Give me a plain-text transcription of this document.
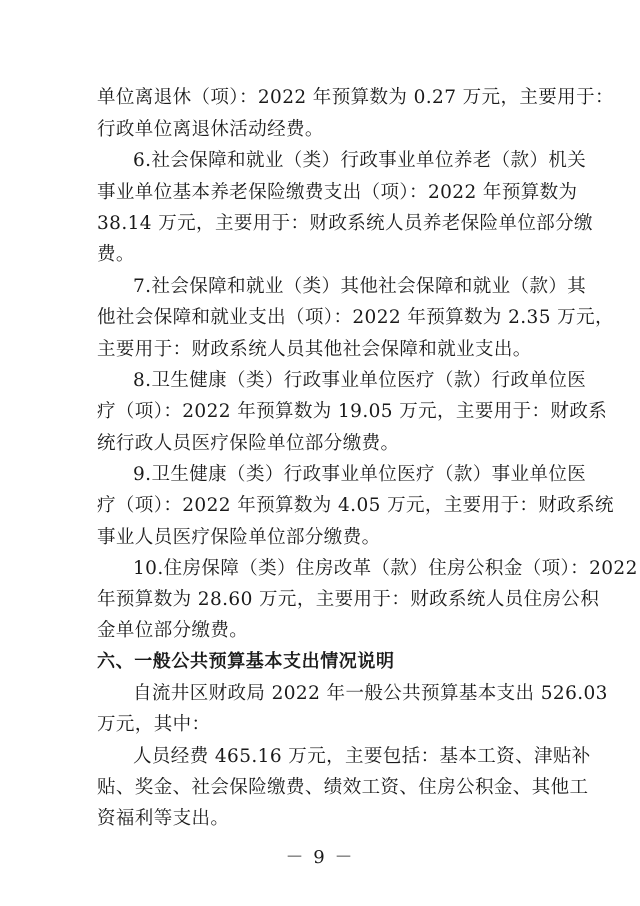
单位离退休（项）：2022 年预算数为 0.27 万元，主要用于：
行政单位离退休活动经费。
6.社会保障和就业（类）行政事业单位养老（款）机关
事业单位基本养老保险缴费支出（项）：2022 年预算数为
38.14 万元，主要用于：财政系统人员养老保险单位部分缴
费。
7.社会保障和就业（类）其他社会保障和就业（款）其
他社会保障和就业支出（项）：2022 年预算数为 2.35 万元，
主要用于：财政系统人员其他社会保障和就业支出。
8.卫生健康（类）行政事业单位医疗（款）行政单位医
疗（项）：2022 年预算数为 19.05 万元，主要用于：财政系
统行政人员医疗保险单位部分缴费。
9.卫生健康（类）行政事业单位医疗（款）事业单位医
疗（项）：2022 年预算数为 4.05 万元，主要用于：财政系统
事业人员医疗保险单位部分缴费。
10.住房保障（类）住房改革（款）住房公积金（项）：2022
年预算数为 28.60 万元，主要用于：财政系统人员住房公积
金单位部分缴费。
六、一般公共预算基本支出情况说明
自流井区财政局 2022 年一般公共预算基本支出 526.03
万元，其中：
人员经费 465.16 万元，主要包括：基本工资、津贴补
贴、奖金、社会保险缴费、绩效工资、住房公积金、其他工
资福利等支出。
－ 9 －
